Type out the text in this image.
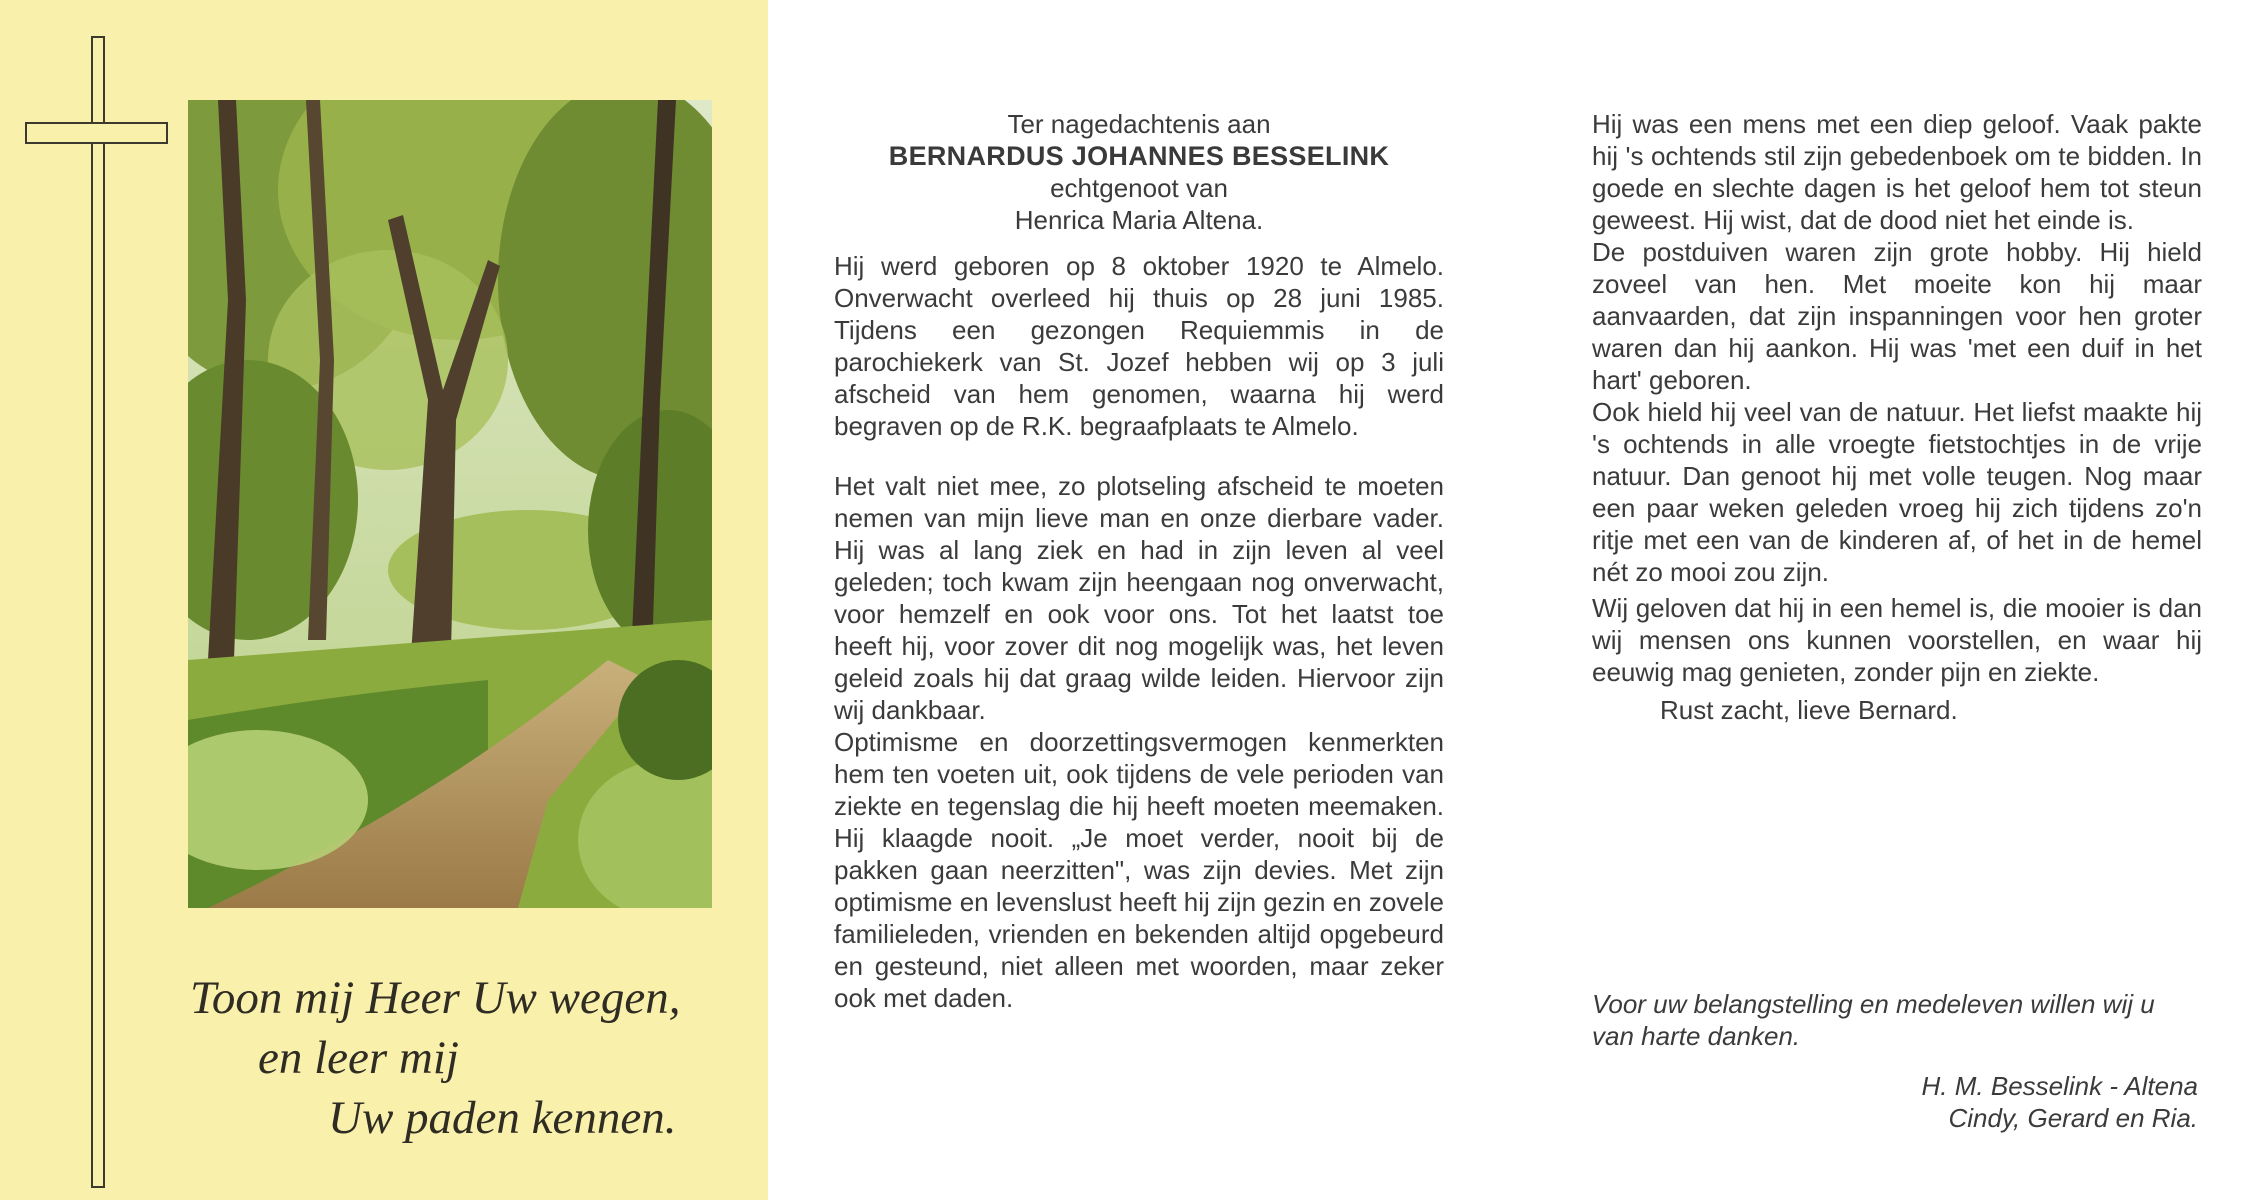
Toon mij Heer Uw wegen,
en leer mij
Uw paden kennen.
Ter nagedachtenis aan
BERNARDUS JOHANNES BESSELINK
echtgenoot van
Henrica Maria Altena.

Hij werd geboren op 8 oktober 1920 te Almelo. Onverwacht overleed hij thuis op 28 juni 1985. Tijdens een gezongen Requiemmis in de parochiekerk van St. Jozef hebben wij op 3 juli afscheid van hem genomen, waarna hij werd begraven op de R.K. begraafplaats te Almelo.

Het valt niet mee, zo plotseling afscheid te moeten nemen van mijn lieve man en onze dierbare vader. Hij was al lang ziek en had in zijn leven al veel geleden; toch kwam zijn heengaan nog onverwacht, voor hemzelf en ook voor ons. Tot het laatst toe heeft hij, voor zover dit nog mogelijk was, het leven geleid zoals hij dat graag wilde leiden. Hiervoor zijn wij dankbaar.

Optimisme en doorzettingsvermogen kenmerkten hem ten voeten uit, ook tijdens de vele perioden van ziekte en tegenslag die hij heeft moeten meemaken. Hij klaagde nooit. „Je moet verder, nooit bij de pakken gaan neerzitten", was zijn devies. Met zijn optimisme en levenslust heeft hij zijn gezin en zovele familieleden, vrienden en bekenden altijd opgebeurd en gesteund, niet alleen met woorden, maar zeker ook met daden.

Hij was een mens met een diep geloof. Vaak pakte hij 's ochtends stil zijn gebedenboek om te bidden. In goede en slechte dagen is het geloof hem tot steun geweest. Hij wist, dat de dood niet het einde is.

De postduiven waren zijn grote hobby. Hij hield zoveel van hen. Met moeite kon hij maar aanvaarden, dat zijn inspanningen voor hen groter waren dan hij aankon. Hij was 'met een duif in het hart' geboren.

Ook hield hij veel van de natuur. Het liefst maakte hij 's ochtends in alle vroegte fietstochtjes in de vrije natuur. Dan genoot hij met volle teugen. Nog maar een paar weken geleden vroeg hij zich tijdens zo'n ritje met een van de kinderen af, of het in de hemel nét zo mooi zou zijn.

Wij geloven dat hij in een hemel is, die mooier is dan wij mensen ons kunnen voorstellen, en waar hij eeuwig mag genieten, zonder pijn en ziekte.

Rust zacht, lieve Bernard.
Voor uw belangstelling en medeleven willen wij u van harte danken.
H. M. Besselink - Altena
Cindy, Gerard en Ria.
